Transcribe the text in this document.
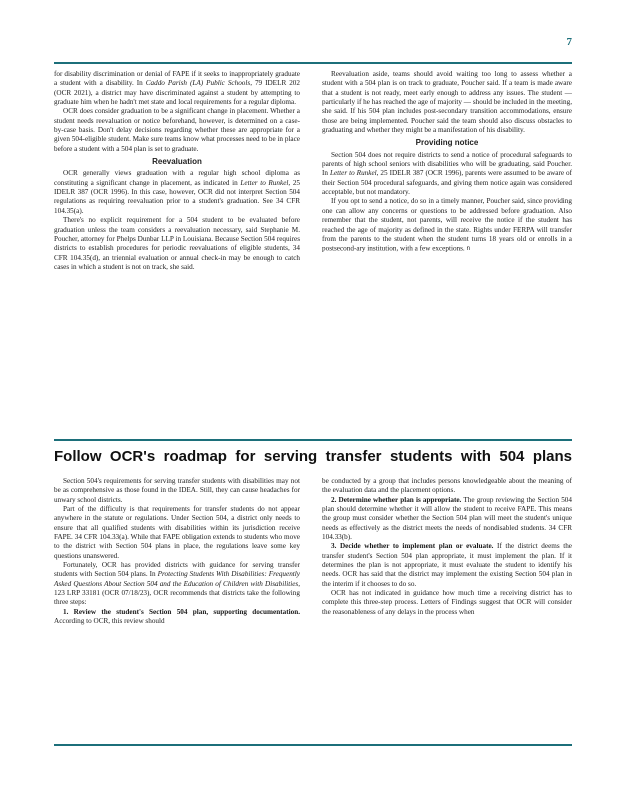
7

for disability discrimination or denial of FAPE if it seeks to inappropriately graduate a student with a disability. In Caddo Parish (LA) Public Schools, 79 IDELR 202 (OCR 2021), a district may have discriminated against a student by attempting to graduate him when he hadn't met state and local requirements for a regular diploma.

OCR does consider graduation to be a significant change in placement. Whether a student needs reevaluation or notice beforehand, however, is determined on a case-by-case basis. Don't delay decisions regarding whether these are appropriate for a given 504-eligible student. Make sure teams know what processes need to be in place before a student with a 504 plan is set to graduate.

Reevaluation

OCR generally views graduation with a regular high school diploma as constituting a significant change in placement, as indicated in Letter to Runkel, 25 IDELR 387 (OCR 1996). In this case, however, OCR did not interpret Section 504 regulations as requiring reevaluation prior to a student's graduation. See 34 CFR 104.35(a).

There's no explicit requirement for a 504 student to be evaluated before graduation unless the team considers a reevaluation necessary, said Stephanie M. Poucher, attorney for Phelps Dunbar LLP in Louisiana. Because Section 504 requires districts to establish procedures for periodic reevaluations of eligible students, 34 CFR 104.35(d), an triennial evaluation or annual check-in may be enough to catch cases in which a student is not on track, she said.

Reevaluation aside, teams should avoid waiting too long to assess whether a student with a 504 plan is on track to graduate, Poucher said. If a team is made aware that a student is not ready, meet early enough to address any issues. The student — particularly if he has reached the age of majority — should be included in the meeting, she said. If his 504 plan includes post-secondary transition accommodations, ensure those are being implemented. Poucher said the team should also discuss obstacles to graduating and whether they might be a manifestation of his disability.

Providing notice

Section 504 does not require districts to send a notice of procedural safeguards to parents of high school seniors with disabilities who will be graduating, said Poucher. In Letter to Runkel, 25 IDELR 387 (OCR 1996), parents were assumed to be aware of their Section 504 procedural safeguards, and giving them notice again was considered acceptable, but not mandatory.

If you opt to send a notice, do so in a timely manner, Poucher said, since providing one can allow any concerns or questions to be addressed before graduation. Also remember that the student, not parents, will receive the notice if the student has reached the age of majority as defined in the state. Rights under FERPA will transfer from the parents to the student when the student turns 18 years old or enrolls in a postsecond-ary institution, with a few exceptions. n

Follow OCR's roadmap for serving transfer students with 504 plans

Section 504's requirements for serving transfer students with disabilities may not be as comprehensive as those found in the IDEA. Still, they can cause headaches for unwary school districts.

Part of the difficulty is that requirements for transfer students do not appear anywhere in the statute or regulations. Under Section 504, a district only needs to ensure that all qualified students with disabilities within its jurisdiction receive FAPE. 34 CFR 104.33(a). While that FAPE obligation extends to students who move to the district with Section 504 plans in place, the regulations leave some key questions unanswered.

Fortunately, OCR has provided districts with guidance for serving transfer students with Section 504 plans. In Protecting Students With Disabilities: Frequently Asked Questions About Section 504 and the Education of Children with Disabilities, 123 LRP 33181 (OCR 07/18/23), OCR recommends that districts take the following three steps:

1. Review the student's Section 504 plan, supporting documentation. According to OCR, this review should

be conducted by a group that includes persons knowledgeable about the meaning of the evaluation data and the placement options.

2. Determine whether plan is appropriate. The group reviewing the Section 504 plan should determine whether it will allow the student to receive FAPE. This means the group must consider whether the Section 504 plan will meet the student's unique needs as effectively as the district meets the needs of nondisabled students. 34 CFR 104.33(b).

3. Decide whether to implement plan or evaluate. If the district deems the transfer student's Section 504 plan appropriate, it must implement the plan. If it determines the plan is not appropriate, it must evaluate the student to identify his needs. OCR has said that the district may implement the existing Section 504 plan in the interim if it chooses to do so.

OCR has not indicated in guidance how much time a receiving district has to complete this three-step process. Letters of Findings suggest that OCR will consider the reasonableness of any delays in the process when
